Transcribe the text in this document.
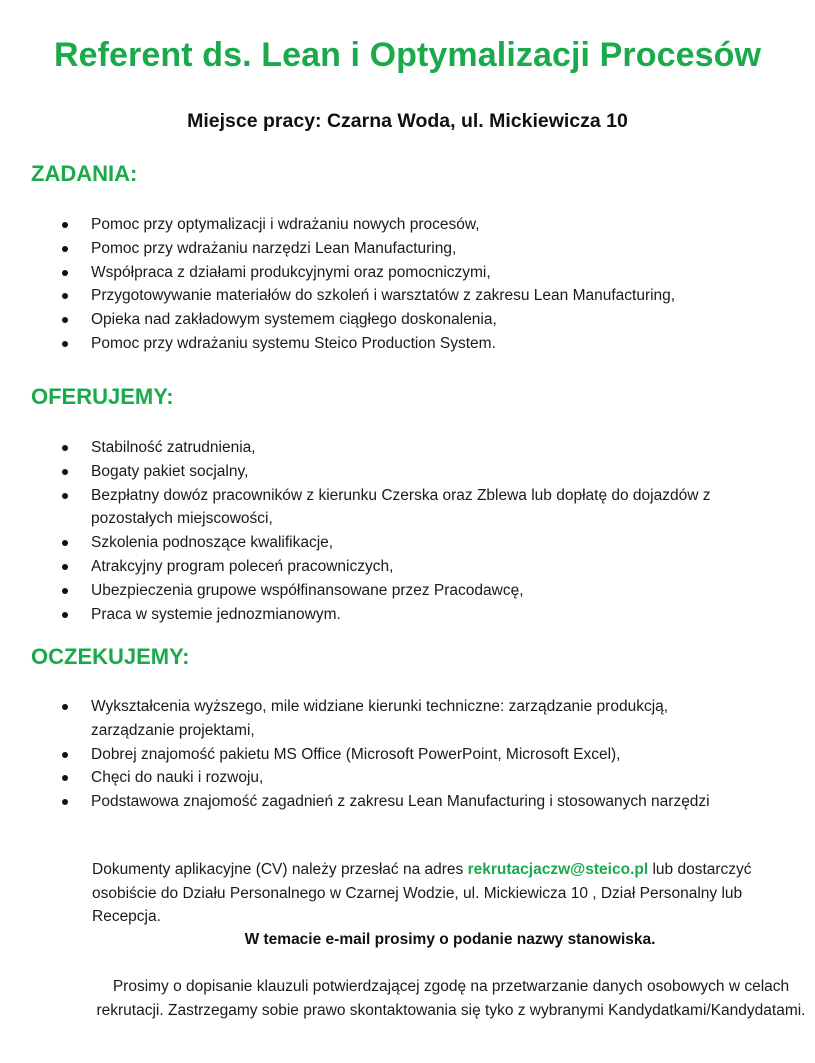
Referent ds. Lean i Optymalizacji Procesów

Miejsce pracy: Czarna Woda, ul. Mickiewicza 10

ZADANIA:
Pomoc przy optymalizacji i wdrażaniu nowych procesów,
Pomoc przy wdrażaniu narzędzi Lean Manufacturing,
Współpraca z działami produkcyjnymi oraz pomocniczymi,
Przygotowywanie materiałów do szkoleń i warsztatów z zakresu Lean Manufacturing,
Opieka nad zakładowym systemem ciągłego doskonalenia,
Pomoc przy wdrażaniu systemu Steico Production System.
OFERUJEMY:
Stabilność zatrudnienia,
Bogaty pakiet socjalny,
Bezpłatny dowóz pracowników z kierunku Czerska oraz Zblewa lub dopłatę do dojazdów z pozostałych miejscowości,
Szkolenia podnoszące kwalifikacje,
Atrakcyjny program poleceń pracowniczych,
Ubezpieczenia grupowe współfinansowane przez Pracodawcę,
Praca w systemie jednozmianowym.
OCZEKUJEMY:
Wykształcenia wyższego, mile widziane kierunki techniczne: zarządzanie produkcją, zarządzanie projektami,
Dobrej znajomość pakietu MS Office (Microsoft PowerPoint, Microsoft Excel),
Chęci do nauki i rozwoju,
Podstawowa znajomość zagadnień z zakresu Lean Manufacturing i stosowanych narzędzi

Dokumenty aplikacyjne (CV) należy przesłać na adres rekrutacjaczw@steico.pl lub dostarczyć osobiście do Działu Personalnego w Czarnej Wodzie, ul. Mickiewicza 10 , Dział Personalny lub Recepcja.

W temacie e-mail prosimy o podanie nazwy stanowiska.

Prosimy o dopisanie klauzuli potwierdzającej zgodę na przetwarzanie danych osobowych w celach rekrutacji. Zastrzegamy sobie prawo skontaktowania się tyko z wybranymi Kandydatkami/Kandydatami.
